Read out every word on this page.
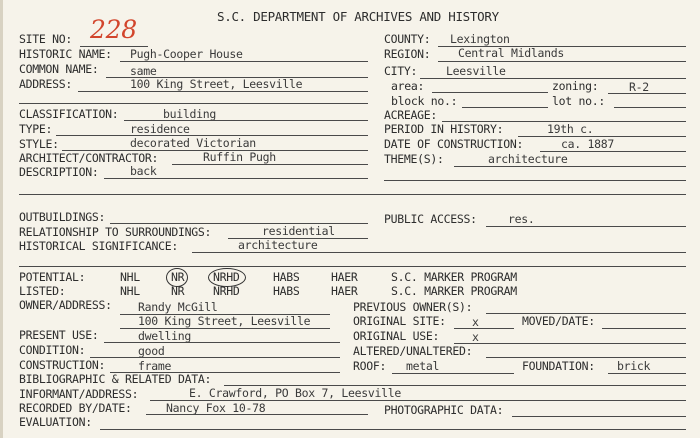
S.C. DEPARTMENT OF ARCHIVES AND HISTORY
SITE NO: 228
HISTORIC NAME: Pugh-Cooper House
COMMON NAME:	same
ADDRESS:	100 King Street, Leesville
COUNTY: Lexington
REGION: Central Midlands
CITY:	Leesville
area:	zoning:	R-2
block no.:	lot no.:
ACREAGE:
CLASSIFICATION:	building
TYPE:	residence
STYLE:	decorated Victorian
ARCHITECT/CONTRACTOR:	Ruffin Pugh
DESCRIPTION:	back
PERIOD IN HISTORY:	19th c.
DATE OF CONSTRUCTION:	ca. 1887
THEME(S):	architecture
OUTBUILDINGS:	PUBLIC ACCESS:	res.
RELATIONSHIP TO SURROUNDINGS:	residential
HISTORICAL SIGNIFICANCE:	architecture
POTENTIAL:	NHL	NR	NRHD	HABS	HAER	S.C. MARKER PROGRAM
LISTED:	NHL	NR	NRHD	HABS	HAER	S.C. MARKER PROGRAM
OWNER/ADDRESS: Randy McGill
100 King Street, Leesville
PREVIOUS OWNER(S):
ORIGINAL SITE: x	MOVED/DATE:
PRESENT USE:	dwelling	ORIGINAL USE:	x
CONDITION:	good	ALTERED/UNALTERED:
CONSTRUCTION:	frame	ROOF: metal	FOUNDATION: brick
BIBLIOGRAPHIC & RELATED DATA:
INFORMANT/ADDRESS:	E. Crawford, PO Box 7, Leesville
RECORDED BY/DATE:	Nancy Fox 10-78	PHOTOGRAPHIC DATA:
EVALUATION:
